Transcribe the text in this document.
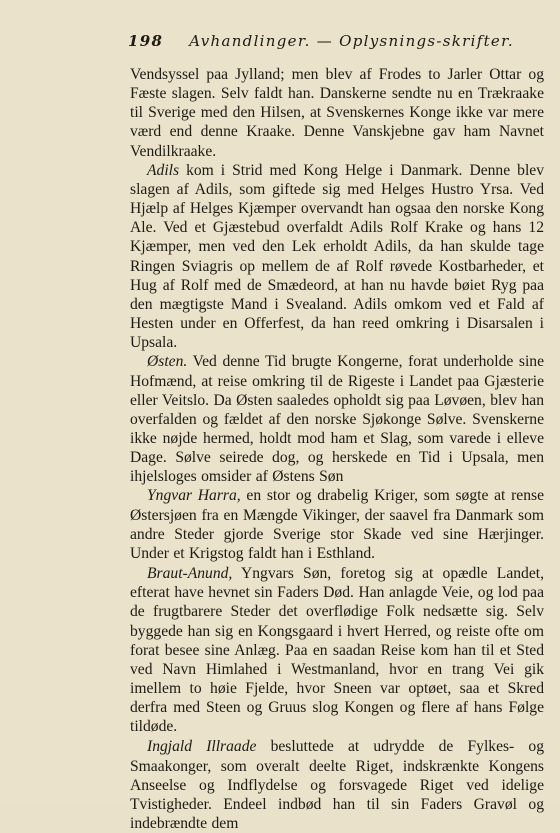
198 Avhandlinger. — Oplysnings-skrifter.

Vendsyssel paa Jylland; men blev af Frodes to Jarler Ottar og Fæste slagen. Selv faldt han. Danskerne sendte nu en Trækraake til Sverige med den Hilsen, at Svenskernes Konge ikke var mere værd end denne Kraake. Denne Vanskjebne gav ham Navnet Vendilkraake.

Adils kom i Strid med Kong Helge i Danmark. Denne blev slagen af Adils, som giftede sig med Helges Hustro Yrsa. Ved Hjælp af Helges Kjæmper overvandt han ogsaa den norske Kong Ale. Ved et Gjæstebud overfaldt Adils Rolf Krake og hans 12 Kjæmper, men ved den Lek erholdt Adils, da han skulde tage Ringen Sviagris op mellem de af Rolf røvede Kostbarheder, et Hug af Rolf med de Smædeord, at han nu havde bøiet Ryg paa den mægtigste Mand i Svealand. Adils omkom ved et Fald af Hesten under en Offerfest, da han reed omkring i Disarsalen i Upsala.

Østen. Ved denne Tid brugte Kongerne, forat underholde sine Hofmænd, at reise omkring til de Rigeste i Landet paa Gjæsterie eller Veitslo. Da Østen saaledes opholdt sig paa Løvøen, blev han overfalden og fældet af den norske Sjøkonge Sølve. Svenskerne ikke nøjde hermed, holdt mod ham et Slag, som varede i elleve Dage. Sølve seirede dog, og herskede en Tid i Upsala, men ihjelsloges omsider af Østens Søn

Yngvar Harra, en stor og drabelig Kriger, som søgte at rense Østersjøen fra en Mængde Vikinger, der saavel fra Danmark som andre Steder gjorde Sverige stor Skade ved sine Hærjinger. Under et Krigstog faldt han i Esthland.

Braut-Anund, Yngvars Søn, foretog sig at opædle Landet, efterat have hevnet sin Faders Død. Han anlagde Veie, og lod paa de frugtbarere Steder det overflødige Folk nedsætte sig. Selv byggede han sig en Kongsgaard i hvert Herred, og reiste ofte om forat besee sine Anlæg. Paa en saadan Reise kom han til et Sted ved Navn Himlahed i Westmanland, hvor en trang Vei gik imellem to høie Fjelde, hvor Sneen var optøet, saa et Skred derfra med Steen og Gruus slog Kongen og flere af hans Følge tildøde.

Ingjald Illraade besluttede at udrydde de Fylkes- og Smaakonger, som overalt deelte Riget, indskrænkte Kongens Anseelse og Indflydelse og forsvagede Riget ved idelige Tvistigheder. Endeel indbød han til sin Faders Gravøl og indebrændte dem
